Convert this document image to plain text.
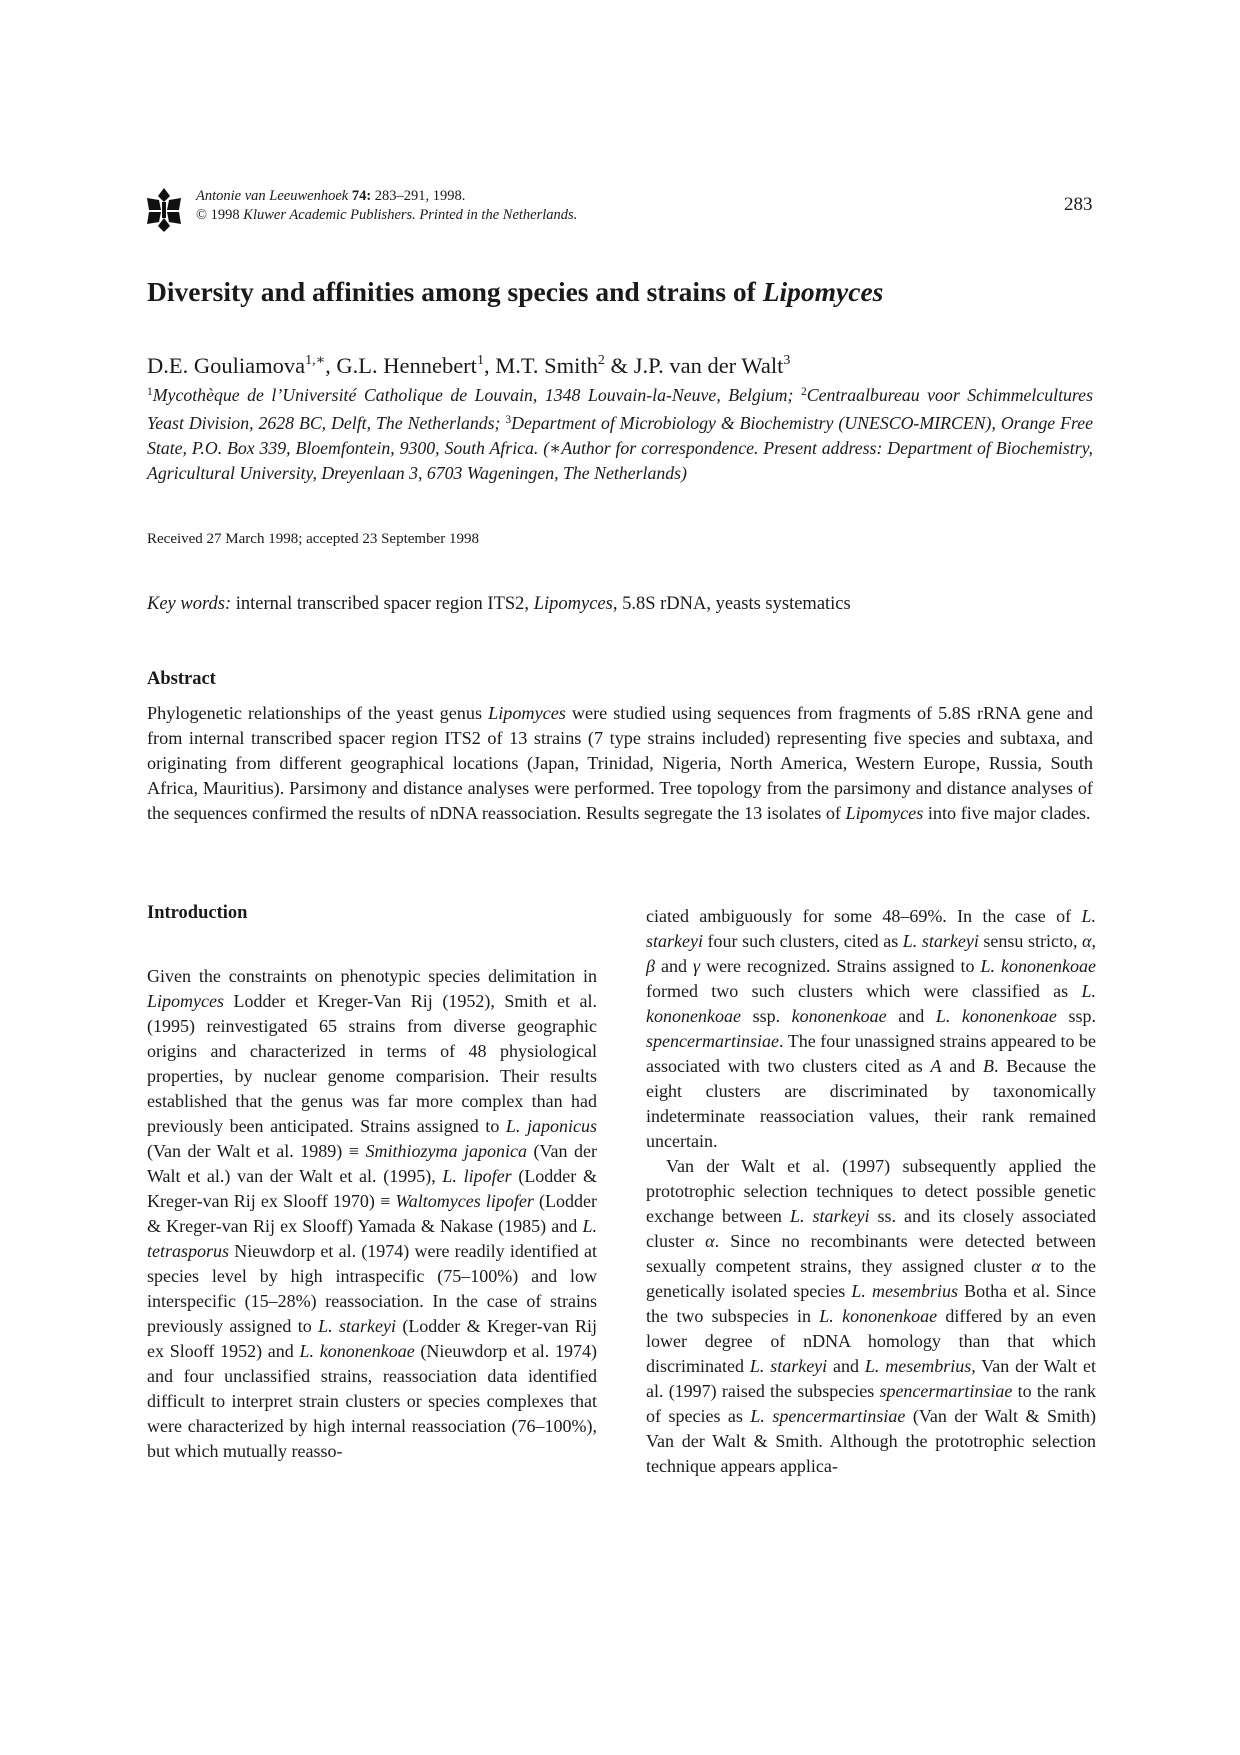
Antonie van Leeuwenhoek 74: 283–291, 1998.
© 1998 Kluwer Academic Publishers. Printed in the Netherlands.	283
Diversity and affinities among species and strains of Lipomyces
D.E. Gouliamova$^{1,∗}$, G.L. Hennebert$^1$, M.T. Smith$^2$ & J.P. van der Walt$^3$
$^1$Mycothèque de l’Université Catholique de Louvain, 1348 Louvain-la-Neuve, Belgium; $^2$Centraalbureau voor Schimmelcultures Yeast Division, 2628 BC, Delft, The Netherlands; $^3$Department of Microbiology & Biochemistry (UNESCO-MIRCEN), Orange Free State, P.O. Box 339, Bloemfontein, 9300, South Africa. (∗Author for correspondence. Present address: Department of Biochemistry, Agricultural University, Dreyenlaan 3, 6703 Wageningen, The Netherlands)
Received 27 March 1998; accepted 23 September 1998
Key words: internal transcribed spacer region ITS2, Lipomyces, 5.8S rDNA, yeasts systematics
Abstract
Phylogenetic relationships of the yeast genus Lipomyces were studied using sequences from fragments of 5.8S rRNA gene and from internal transcribed spacer region ITS2 of 13 strains (7 type strains included) representing five species and subtaxa, and originating from different geographical locations (Japan, Trinidad, Nigeria, North America, Western Europe, Russia, South Africa, Mauritius). Parsimony and distance analyses were performed. Tree topology from the parsimony and distance analyses of the sequences confirmed the results of nDNA reassociation. Results segregate the 13 isolates of Lipomyces into five major clades.
Introduction

Given the constraints on phenotypic species delimitation in Lipomyces Lodder et Kreger-Van Rij (1952), Smith et al. (1995) reinvestigated 65 strains from diverse geographic origins and characterized in terms of 48 physiological properties, by nuclear genome comparision. Their results established that the genus was far more complex than had previously been anticipated. Strains assigned to L. japonicus (Van der Walt et al. 1989) ≡ Smithiozyma japonica (Van der Walt et al.) van der Walt et al. (1995), L. lipofer (Lodder & Kreger-van Rij ex Slooff 1970) ≡ Waltomyces lipofer (Lodder & Kreger-van Rij ex Slooff) Yamada & Nakase (1985) and L. tetrasporus Nieuwdorp et al. (1974) were readily identified at species level by high intraspecific (75–100%) and low interspecific (15–28%) reassociation. In the case of strains previously assigned to L. starkeyi (Lodder & Kreger-van Rij ex Slooff 1952) and L. kononenkoae (Nieuwdorp et al. 1974) and four unclassified strains, reassociation data identified difficult to interpret strain clusters or species complexes that were characterized by high internal reassociation (76–100%), but which mutually reasso-

ciated ambiguously for some 48–69%. In the case of L. starkeyi four such clusters, cited as L. starkeyi sensu stricto, α, β and γ were recognized. Strains assigned to L. kononenkoae formed two such clusters which were classified as L. kononenkoae ssp. kononenkoae and L. kononenkoae ssp. spencermartinsiae. The four unassigned strains appeared to be associated with two clusters cited as A and B. Because the eight clusters are discriminated by taxonomically indeterminate reassociation values, their rank remained uncertain.

Van der Walt et al. (1997) subsequently applied the prototrophic selection techniques to detect possible genetic exchange between L. starkeyi ss. and its closely associated cluster α. Since no recombinants were detected between sexually competent strains, they assigned cluster α to the genetically isolated species L. mesembrius Botha et al. Since the two subspecies in L. kononenkoae differed by an even lower degree of nDNA homology than that which discriminated L. starkeyi and L. mesembrius, Van der Walt et al. (1997) raised the subspecies spencermartinsiae to the rank of species as L. spencermartinsiae (Van der Walt & Smith) Van der Walt & Smith. Although the prototrophic selection technique appears applica-
